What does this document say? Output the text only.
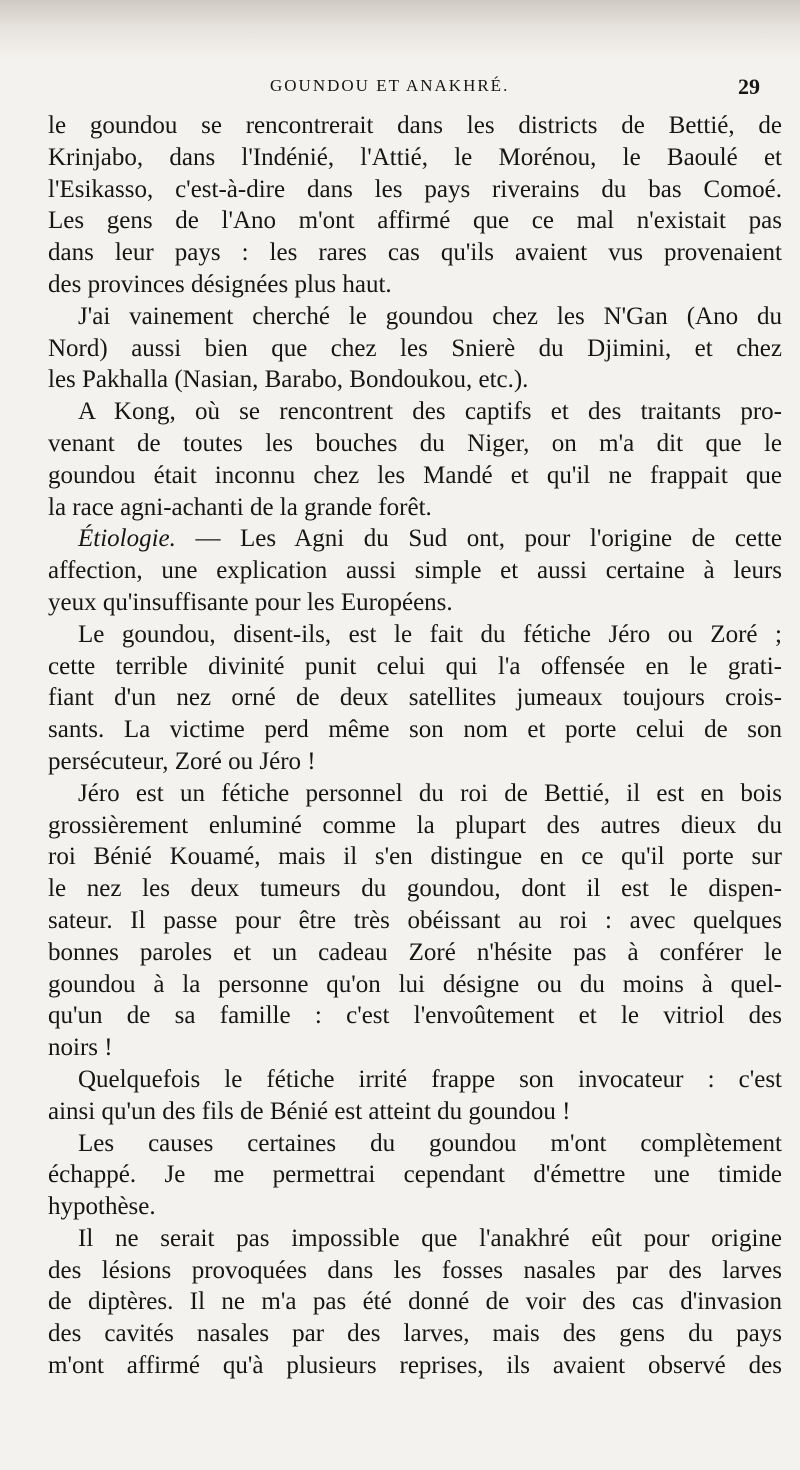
GOUNDOU ET ANAKHRÉ.	29
le goundou se rencontrerait dans les districts de Bettié, de
Krinjabo, dans l'Indénié, l'Attié, le Morénou, le Baoulé et
l'Esikasso, c'est-à-dire dans les pays riverains du bas Comoé.
Les gens de l'Ano m'ont affirmé que ce mal n'existait pas
dans leur pays : les rares cas qu'ils avaient vus provenaient
des provinces désignées plus haut.
J'ai vainement cherché le goundou chez les N'Gan (Ano du
Nord) aussi bien que chez les Snierè du Djimini, et chez
les Pakhalla (Nasian, Barabo, Bondoukou, etc.).
A Kong, où se rencontrent des captifs et des traitants pro-
venant de toutes les bouches du Niger, on m'a dit que le
goundou était inconnu chez les Mandé et qu'il ne frappait que
la race agni-achanti de la grande forêt.
Étiologie. — Les Agni du Sud ont, pour l'origine de cette
affection, une explication aussi simple et aussi certaine à leurs
yeux qu'insuffisante pour les Européens.
Le goundou, disent-ils, est le fait du fétiche Jéro ou Zoré ;
cette terrible divinité punit celui qui l'a offensée en le grati-
fiant d'un nez orné de deux satellites jumeaux toujours crois-
sants. La victime perd même son nom et porte celui de son
persécuteur, Zoré ou Jéro !
Jéro est un fétiche personnel du roi de Bettié, il est en bois
grossièrement enluminé comme la plupart des autres dieux du
roi Bénié Kouamé, mais il s'en distingue en ce qu'il porte sur
le nez les deux tumeurs du goundou, dont il est le dispen-
sateur. Il passe pour être très obéissant au roi : avec quelques
bonnes paroles et un cadeau Zoré n'hésite pas à conférer le
goundou à la personne qu'on lui désigne ou du moins à quel-
qu'un de sa famille : c'est l'envoûtement et le vitriol des
noirs !
Quelquefois le fétiche irrité frappe son invocateur : c'est
ainsi qu'un des fils de Bénié est atteint du goundou !
Les causes certaines du goundou m'ont complètement
échappé. Je me permettrai cependant d'émettre une timide
hypothèse.
Il ne serait pas impossible que l'anakhré eût pour origine
des lésions provoquées dans les fosses nasales par des larves
de diptères. Il ne m'a pas été donné de voir des cas d'invasion
des cavités nasales par des larves, mais des gens du pays
m'ont affirmé qu'à plusieurs reprises, ils avaient observé des
